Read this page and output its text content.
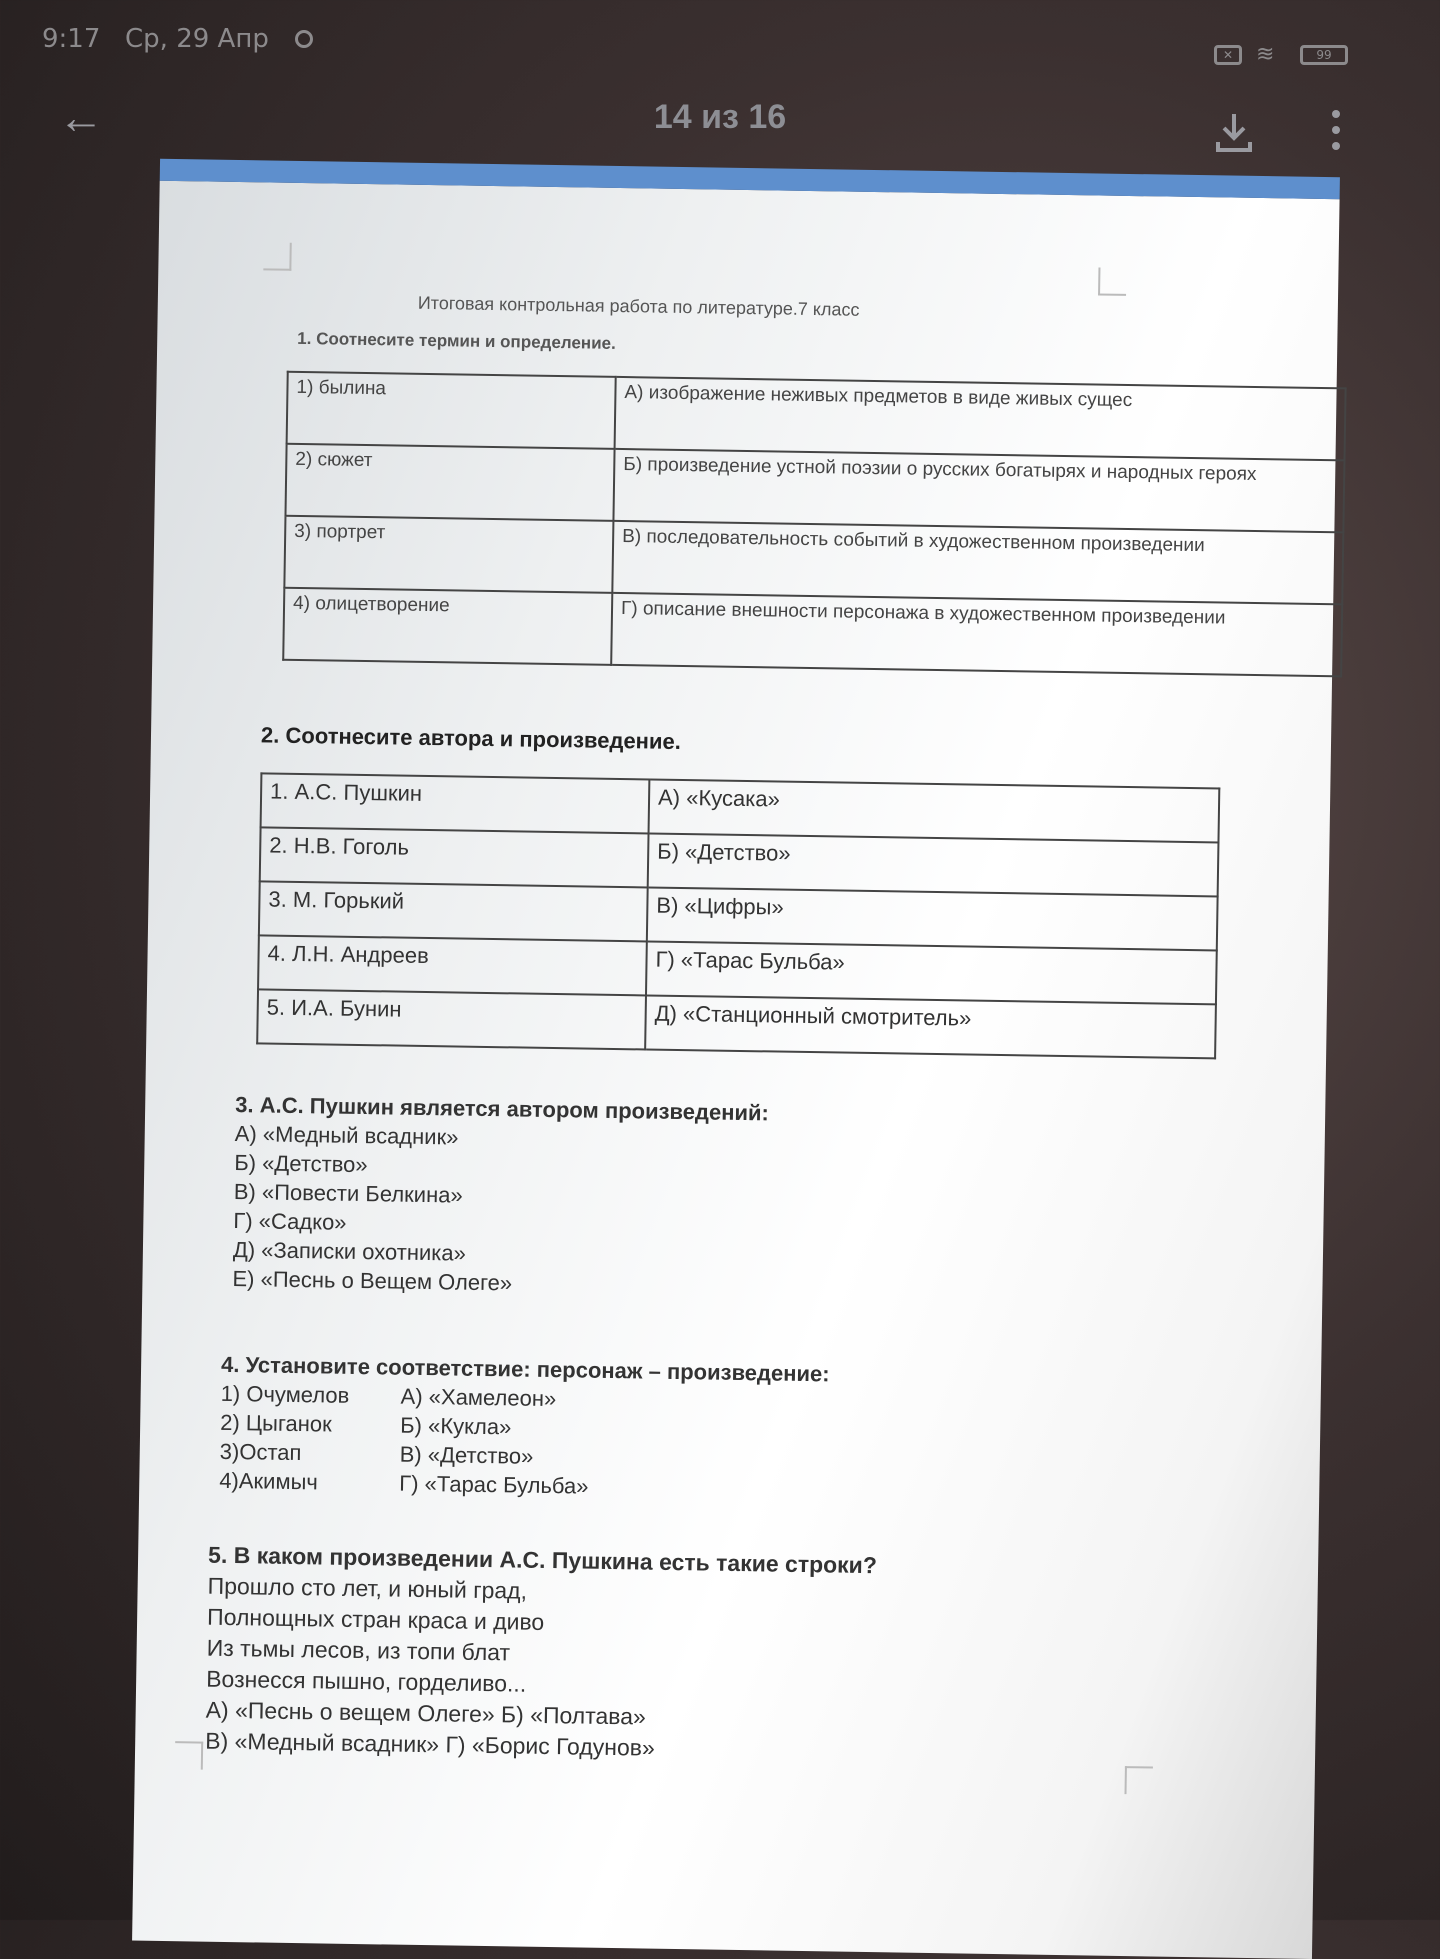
9:17 Ср, 29 Апр
✕	≋	99
←	14 из 16
Итоговая контрольная работа по литературе.7 класс
1. Соотнесите термин и определение.
1) былина	А) изображение неживых предметов в виде живых сущес
2) сюжет	Б) произведение устной поэзии о русских богатырях и народных героях
3) портрет	В) последовательность событий в художественном произведении
4) олицетворение	Г) описание внешности персонажа в художественном произведении
2. Соотнесите автора и произведение.
1. А.С. Пушкин	А) «Кусака»
2. Н.В. Гоголь	Б) «Детство»
3. М. Горький	В) «Цифры»
4. Л.Н. Андреев	Г) «Тарас Бульба»
5. И.А. Бунин	Д) «Станционный смотритель»
3. А.С. Пушкин является автором произведений:
А) «Медный всадник»
Б) «Детство»
В) «Повести Белкина»
Г) «Садко»
Д) «Записки охотника»
Е) «Песнь о Вещем Олеге»
4. Установите соответствие: персонаж – произведение:
1) Очумелов	А) «Хамелеон»
2) Цыганок	Б) «Кукла»
3)Остап	В) «Детство»
4)Акимыч	Г) «Тарас Бульба»
5. В каком произведении А.С. Пушкина есть такие строки?
Прошло сто лет, и юный град,
Полнощных стран краса и диво
Из тьмы лесов, из топи блат
Вознесся пышно, горделиво...
А) «Песнь о вещем Олеге» Б) «Полтава»
В) «Медный всадник» Г) «Борис Годунов»
